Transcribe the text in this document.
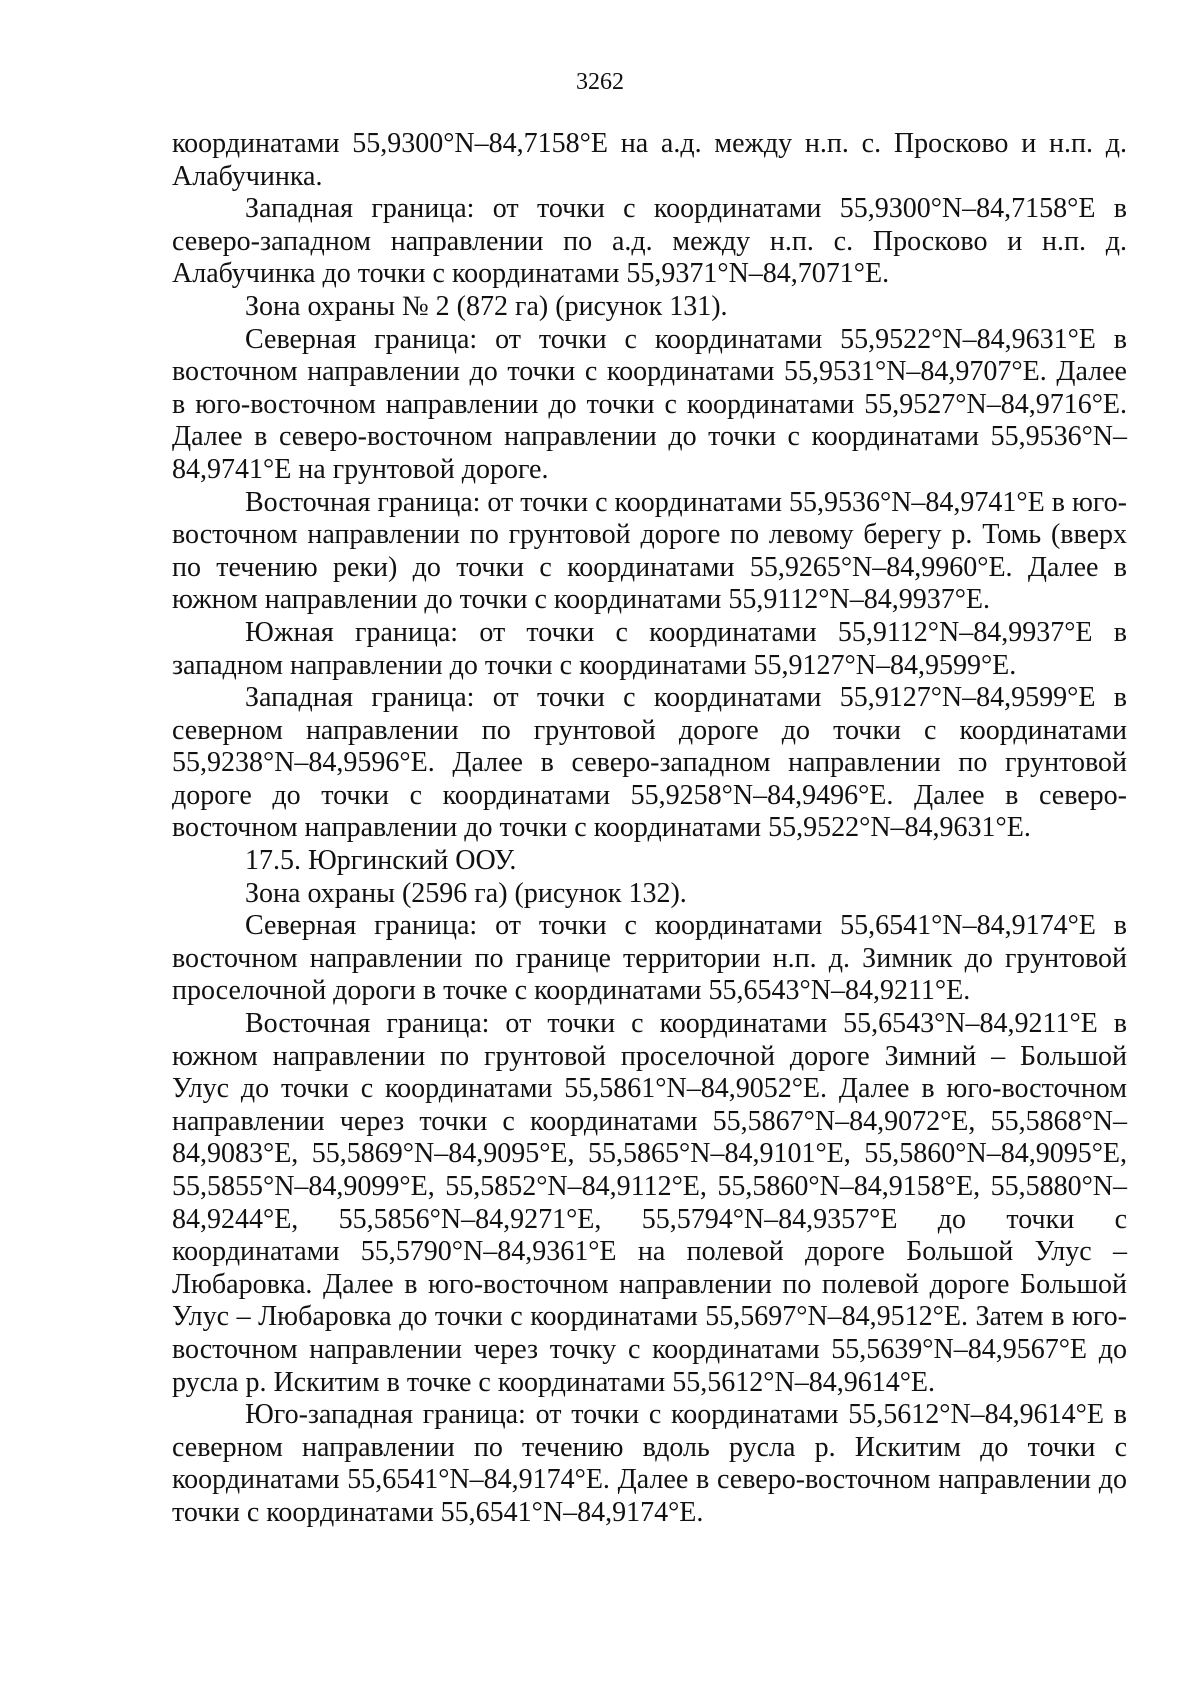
3262

координатами 55,9300°N–84,7158°E на а.д. между н.п. с. Просково и н.п. д. Алабучинка.

Западная граница: от точки с координатами 55,9300°N–84,7158°E в северо-западном направлении по а.д. между н.п. с. Просково и н.п. д. Алабучинка до точки с координатами 55,9371°N–84,7071°E.

Зона охраны № 2 (872 га) (рисунок 131).

Северная граница: от точки с координатами 55,9522°N–84,9631°E в восточном направлении до точки с координатами 55,9531°N–84,9707°E. Далее в юго-восточном направлении до точки с координатами 55,9527°N–84,9716°E. Далее в северо-восточном направлении до точки с координатами 55,9536°N–84,9741°E на грунтовой дороге.

Восточная граница: от точки с координатами 55,9536°N–84,9741°E в юго-восточном направлении по грунтовой дороге по левому берегу р. Томь (вверх по течению реки) до точки с координатами 55,9265°N–84,9960°E. Далее в южном направлении до точки с координатами 55,9112°N–84,9937°E.

Южная граница: от точки с координатами 55,9112°N–84,9937°E в западном направлении до точки с координатами 55,9127°N–84,9599°E.

Западная граница: от точки с координатами 55,9127°N–84,9599°E в северном направлении по грунтовой дороге до точки с координатами 55,9238°N–84,9596°E. Далее в северо-западном направлении по грунтовой дороге до точки с координатами 55,9258°N–84,9496°E. Далее в северо-восточном направлении до точки с координатами 55,9522°N–84,9631°E.

17.5. Юргинский ООУ.

Зона охраны (2596 га) (рисунок 132).

Северная граница: от точки с координатами 55,6541°N–84,9174°E в восточном направлении по границе территории н.п. д. Зимник до грунтовой проселочной дороги в точке с координатами 55,6543°N–84,9211°E.

Восточная граница: от точки с координатами 55,6543°N–84,9211°E в южном направлении по грунтовой проселочной дороге Зимний – Большой Улус до точки с координатами 55,5861°N–84,9052°E. Далее в юго-восточном направлении через точки с координатами 55,5867°N–84,9072°E, 55,5868°N–84,9083°E, 55,5869°N–84,9095°E, 55,5865°N–84,9101°E, 55,5860°N–84,9095°E, 55,5855°N–84,9099°E, 55,5852°N–84,9112°E, 55,5860°N–84,9158°E, 55,5880°N–84,9244°E, 55,5856°N–84,9271°E, 55,5794°N–84,9357°E до точки с координатами 55,5790°N–84,9361°E на полевой дороге Большой Улус – Любаровка. Далее в юго-восточном направлении по полевой дороге Большой Улус – Любаровка до точки с координатами 55,5697°N–84,9512°E. Затем в юго-восточном направлении через точку с координатами 55,5639°N–84,9567°E до русла р. Искитим в точке с координатами 55,5612°N–84,9614°E.

Юго-западная граница: от точки с координатами 55,5612°N–84,9614°E в северном направлении по течению вдоль русла р. Искитим до точки с координатами 55,6541°N–84,9174°E. Далее в северо-восточном направлении до точки с координатами 55,6541°N–84,9174°E.
